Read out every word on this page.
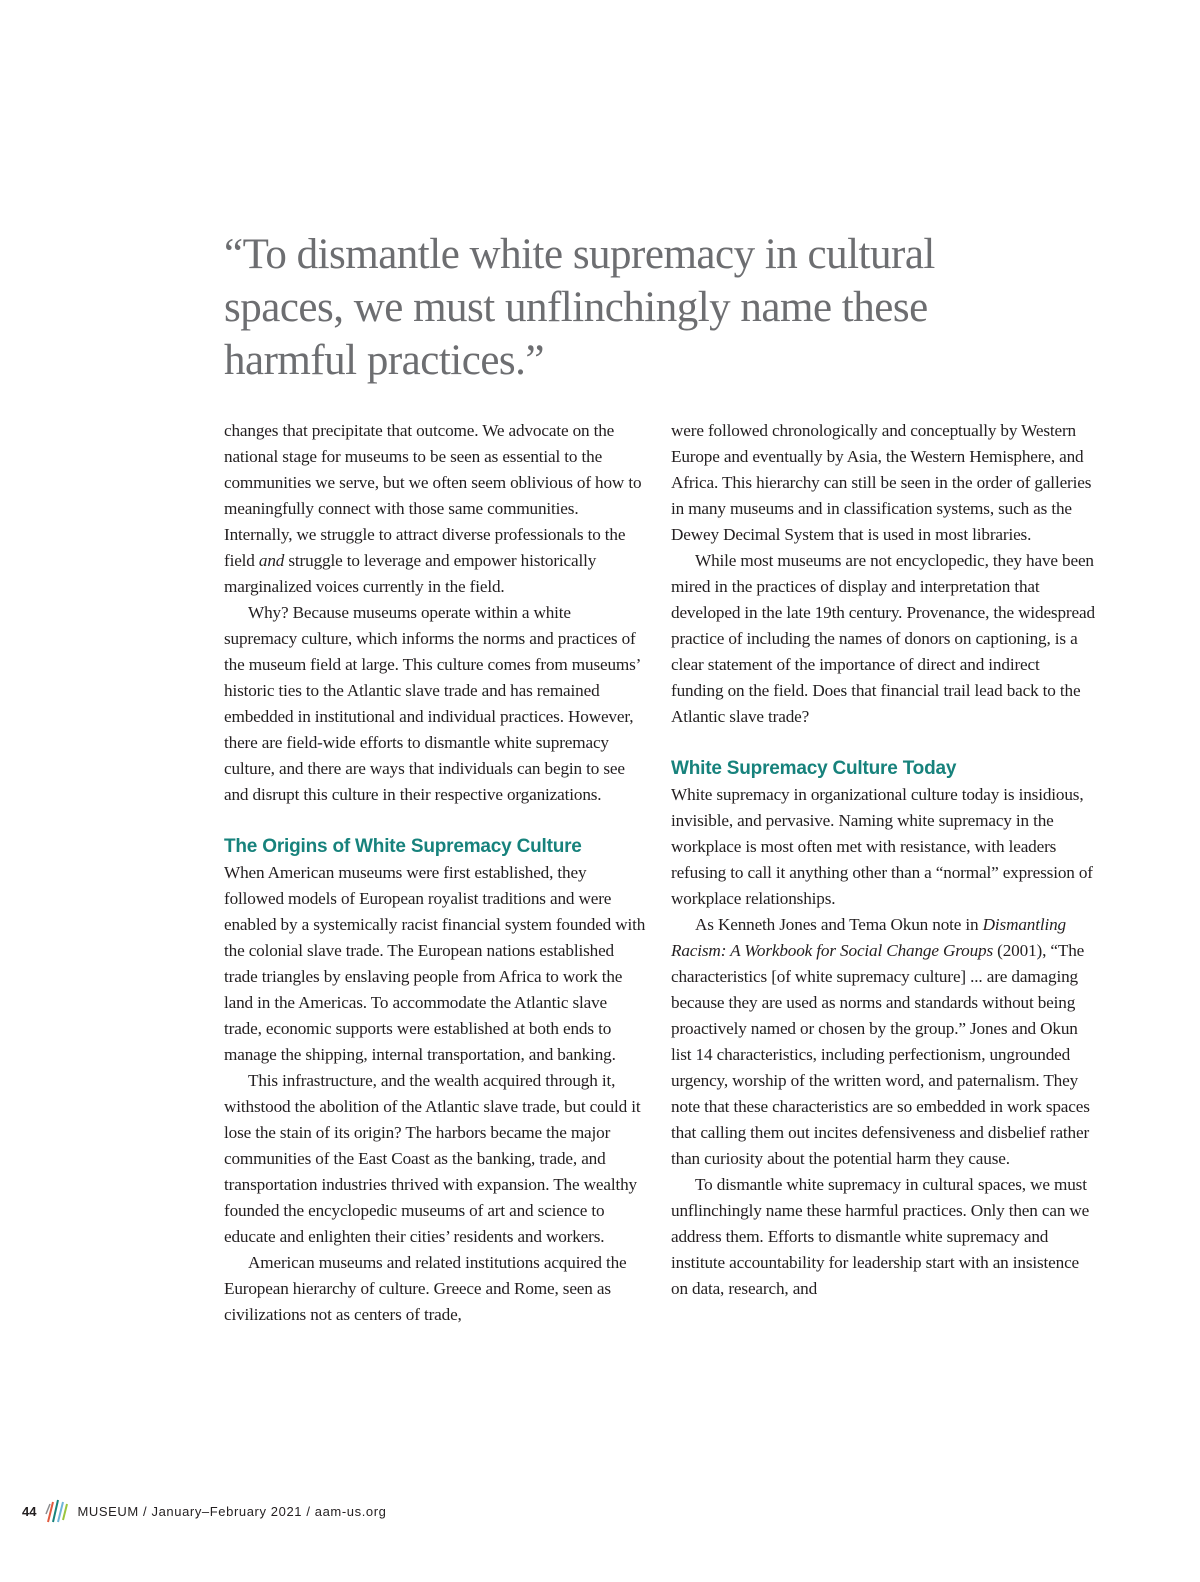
“To dismantle white supremacy in cultural spaces, we must unflinchingly name these harmful practices.”

changes that precipitate that outcome. We advocate on the national stage for museums to be seen as essential to the communities we serve, but we often seem oblivious of how to meaningfully connect with those same communities. Internally, we struggle to attract diverse professionals to the field and struggle to leverage and empower historically marginalized voices currently in the field.

Why? Because museums operate within a white supremacy culture, which informs the norms and practices of the museum field at large. This culture comes from museums’ historic ties to the Atlantic slave trade and has remained embedded in institutional and individual practices. However, there are field-wide efforts to dismantle white supremacy culture, and there are ways that individuals can begin to see and disrupt this culture in their respective organizations.

The Origins of White Supremacy Culture

When American museums were first established, they followed models of European royalist traditions and were enabled by a systemically racist financial system founded with the colonial slave trade. The European nations established trade triangles by enslaving people from Africa to work the land in the Americas. To accommodate the Atlantic slave trade, economic supports were established at both ends to manage the shipping, internal transportation, and banking.

This infrastructure, and the wealth acquired through it, withstood the abolition of the Atlantic slave trade, but could it lose the stain of its origin? The harbors became the major communities of the East Coast as the banking, trade, and transportation industries thrived with expansion. The wealthy founded the encyclopedic museums of art and science to educate and enlighten their cities’ residents and workers.

American museums and related institutions acquired the European hierarchy of culture. Greece and Rome, seen as civilizations not as centers of trade,

were followed chronologically and conceptually by Western Europe and eventually by Asia, the Western Hemisphere, and Africa. This hierarchy can still be seen in the order of galleries in many museums and in classification systems, such as the Dewey Decimal System that is used in most libraries.

While most museums are not encyclopedic, they have been mired in the practices of display and interpretation that developed in the late 19th century. Provenance, the widespread practice of including the names of donors on captioning, is a clear statement of the importance of direct and indirect funding on the field. Does that financial trail lead back to the Atlantic slave trade?

White Supremacy Culture Today

White supremacy in organizational culture today is insidious, invisible, and pervasive. Naming white supremacy in the workplace is most often met with resistance, with leaders refusing to call it anything other than a “normal” expression of workplace relationships.

As Kenneth Jones and Tema Okun note in Dismantling Racism: A Workbook for Social Change Groups (2001), “The characteristics [of white supremacy culture] ... are damaging because they are used as norms and standards without being proactively named or chosen by the group.” Jones and Okun list 14 characteristics, including perfectionism, ungrounded urgency, worship of the written word, and paternalism. They note that these characteristics are so embedded in work spaces that calling them out incites defensiveness and disbelief rather than curiosity about the potential harm they cause.

To dismantle white supremacy in cultural spaces, we must unflinchingly name these harmful practices. Only then can we address them. Efforts to dismantle white supremacy and institute accountability for leadership start with an insistence on data, research, and

44	MUSEUM / January–February 2021 / aam-us.org
